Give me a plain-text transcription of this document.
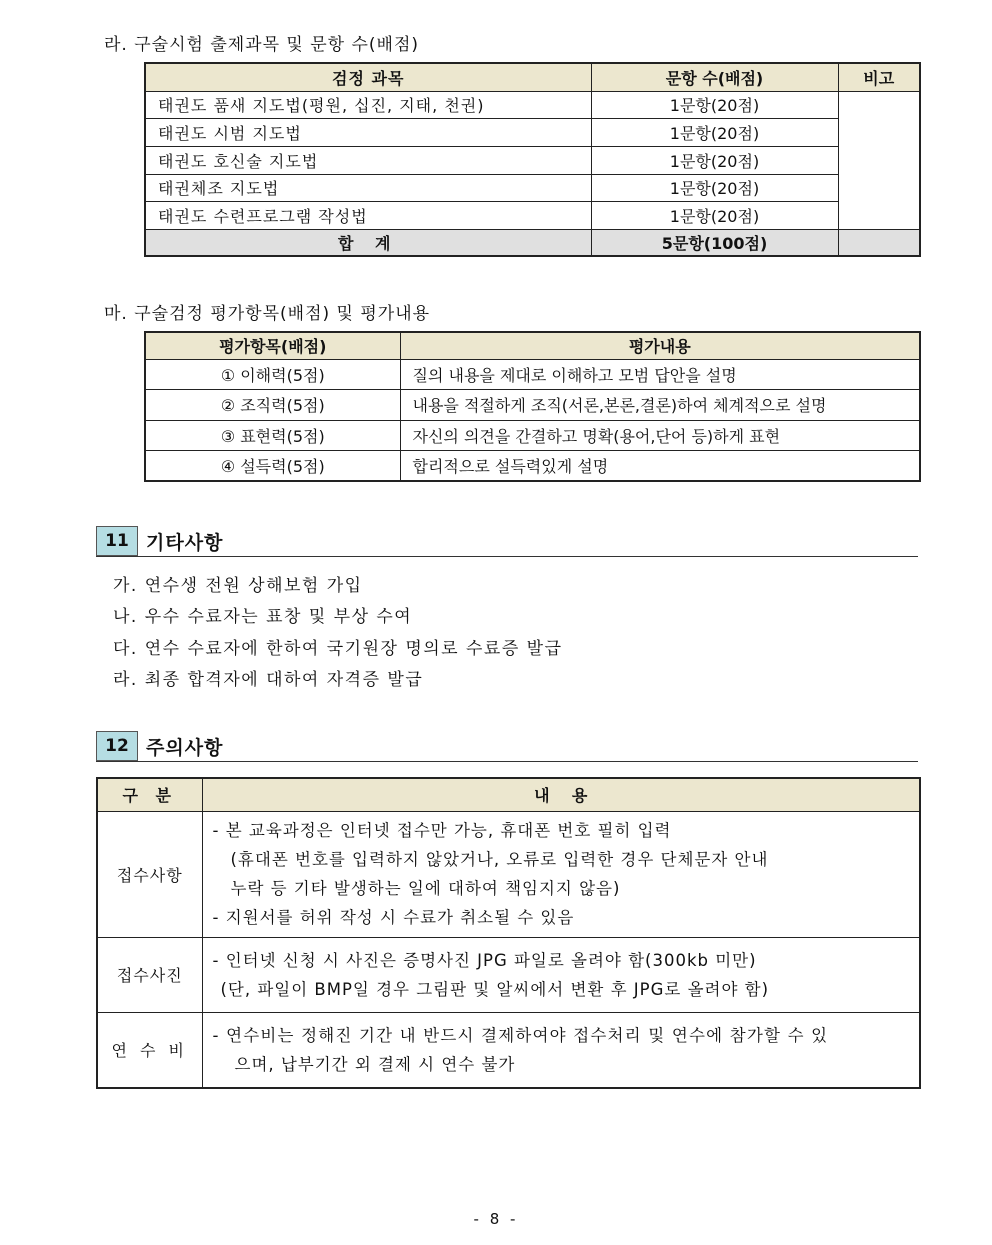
라. 구술시험 출제과목 및 문항 수(배점)
검정 과목	문항 수(배점)	비고
태권도 품새 지도법(평원, 십진, 지태, 천권)	1문항(20점)	
태권도 시범 지도법	1문항(20점)	
태권도 호신술 지도법	1문항(20점)	
태권체조 지도법	1문항(20점)	
태권도 수련프로그램 작성법	1문항(20점)	
합 계	5문항(100점)	
마. 구술검정 평가항목(배점) 및 평가내용
평가항목(배점)	평가내용
① 이해력(5점)	질의 내용을 제대로 이해하고 모범 답안을 설명
② 조직력(5점)	내용을 적절하게 조직(서론,본론,결론)하여 체계적으로 설명
③ 표현력(5점)	자신의 의견을 간결하고 명확(용어,단어 등)하게 표현
④ 설득력(5점)	합리적으로 설득력있게 설명
11 기타사항
가. 연수생 전원 상해보험 가입
나. 우수 수료자는 표창 및 부상 수여
다. 연수 수료자에 한하여 국기원장 명의로 수료증 발급
라. 최종 합격자에 대하여 자격증 발급
12 주의사항
구 분	내    용
접수사항	- 본 교육과정은 인터넷 접수만 가능, 휴대폰 번호 필히 입력
(휴대폰 번호를 입력하지 않았거나, 오류로 입력한 경우 단체문자 안내
누락 등 기타 발생하는 일에 대하여 책임지지 않음)
- 지원서를 허위 작성 시 수료가 취소될 수 있음

접수사진	- 인터넷 신청 시 사진은 증명사진 JPG 파일로 올려야 함(300kb 미만)
(단, 파일이 BMP일 경우 그림판 및 알씨에서 변환 후 JPG로 올려야 함)

연 수 비	- 연수비는 정해진 기간 내 반드시 결제하여야 접수처리 및 연수에 참가할 수 있
으며, 납부기간 외 결제 시 연수 불가
- 8 -
